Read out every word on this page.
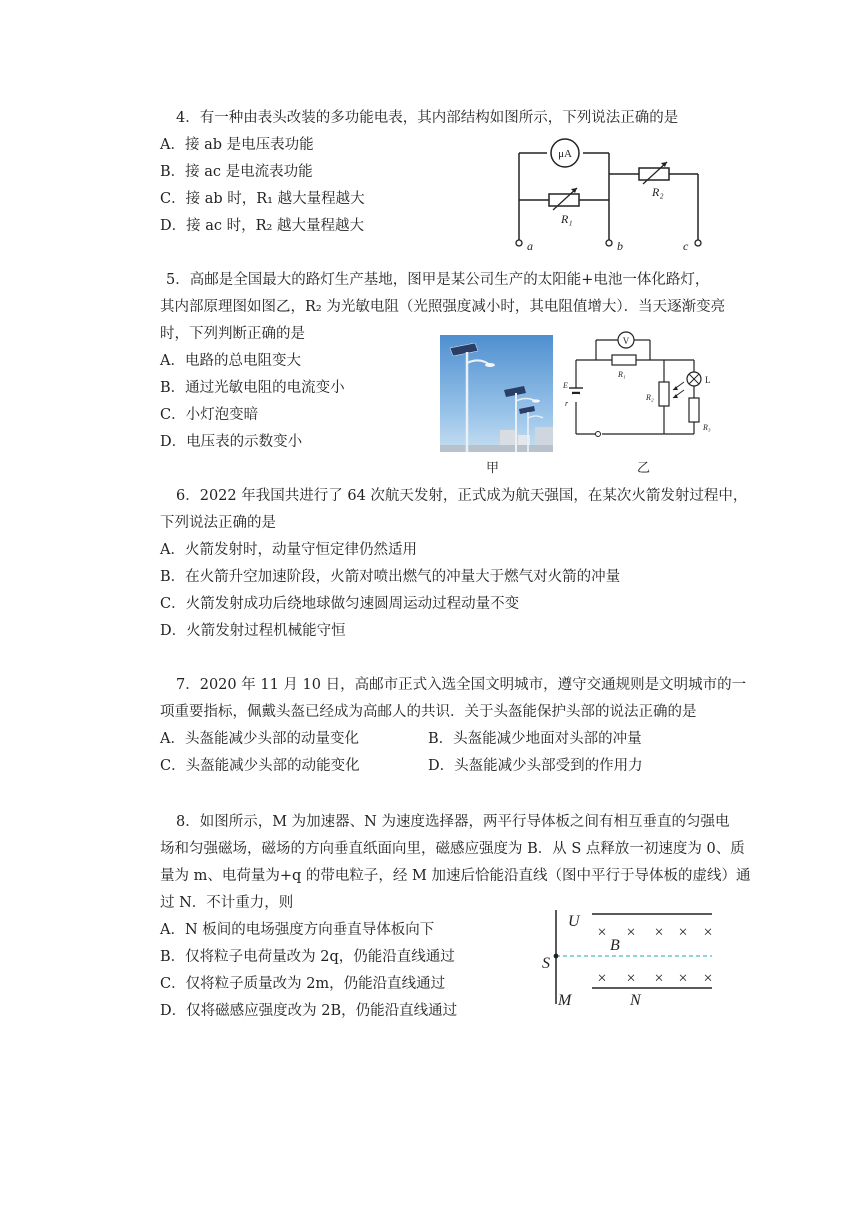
4．有一种由表头改装的多功能电表，其内部结构如图所示，下列说法正确的是
A．接 ab 是电压表功能
B．接 ac 是电流表功能
C．接 ab 时，R₁ 越大量程越大
D．接 ac 时，R₂ 越大量程越大
μA
R₁
R₂
a	b	c
5．高邮是全国最大的路灯生产基地，图甲是某公司生产的太阳能+电池一体化路灯，
其内部原理图如图乙，R₂ 为光敏电阻（光照强度减小时，其电阻值增大）．当天逐渐变亮
时，下列判断正确的是
A．电路的总电阻变大
B．通过光敏电阻的电流变小
C．小灯泡变暗
D．电压表的示数变小
甲
V
R₁
R₂
L
R₃
E
r
乙
6．2022 年我国共进行了 64 次航天发射，正式成为航天强国，在某次火箭发射过程中，
下列说法正确的是
A．火箭发射时，动量守恒定律仍然适用
B．在火箭升空加速阶段，火箭对喷出燃气的冲量大于燃气对火箭的冲量
C．火箭发射成功后绕地球做匀速圆周运动过程动量不变
D．火箭发射过程机械能守恒
7．2020 年 11 月 10 日，高邮市正式入选全国文明城市，遵守交通规则是文明城市的一
项重要指标，佩戴头盔已经成为高邮人的共识．关于头盔能保护头部的说法正确的是
A．头盔能减少头部的动量变化	B．头盔能减少地面对头部的冲量
C．头盔能减少头部的动能变化	D．头盔能减少头部受到的作用力
8．如图所示，M 为加速器、N 为速度选择器，两平行导体板之间有相互垂直的匀强电
场和匀强磁场，磁场的方向垂直纸面向里，磁感应强度为 B．从 S 点释放一初速度为 0、质
量为 m、电荷量为+q 的带电粒子，经 M 加速后恰能沿直线（图中平行于导体板的虚线）通
过 N．不计重力，则
A．N 板间的电场强度方向垂直导体板向下
B．仅将粒子电荷量改为 2q，仍能沿直线通过
C．仅将粒子质量改为 2m，仍能沿直线通过
D．仅将磁感应强度改为 2B，仍能沿直线通过
U
S
M
B
N
× × × × ×
× × × × ×
